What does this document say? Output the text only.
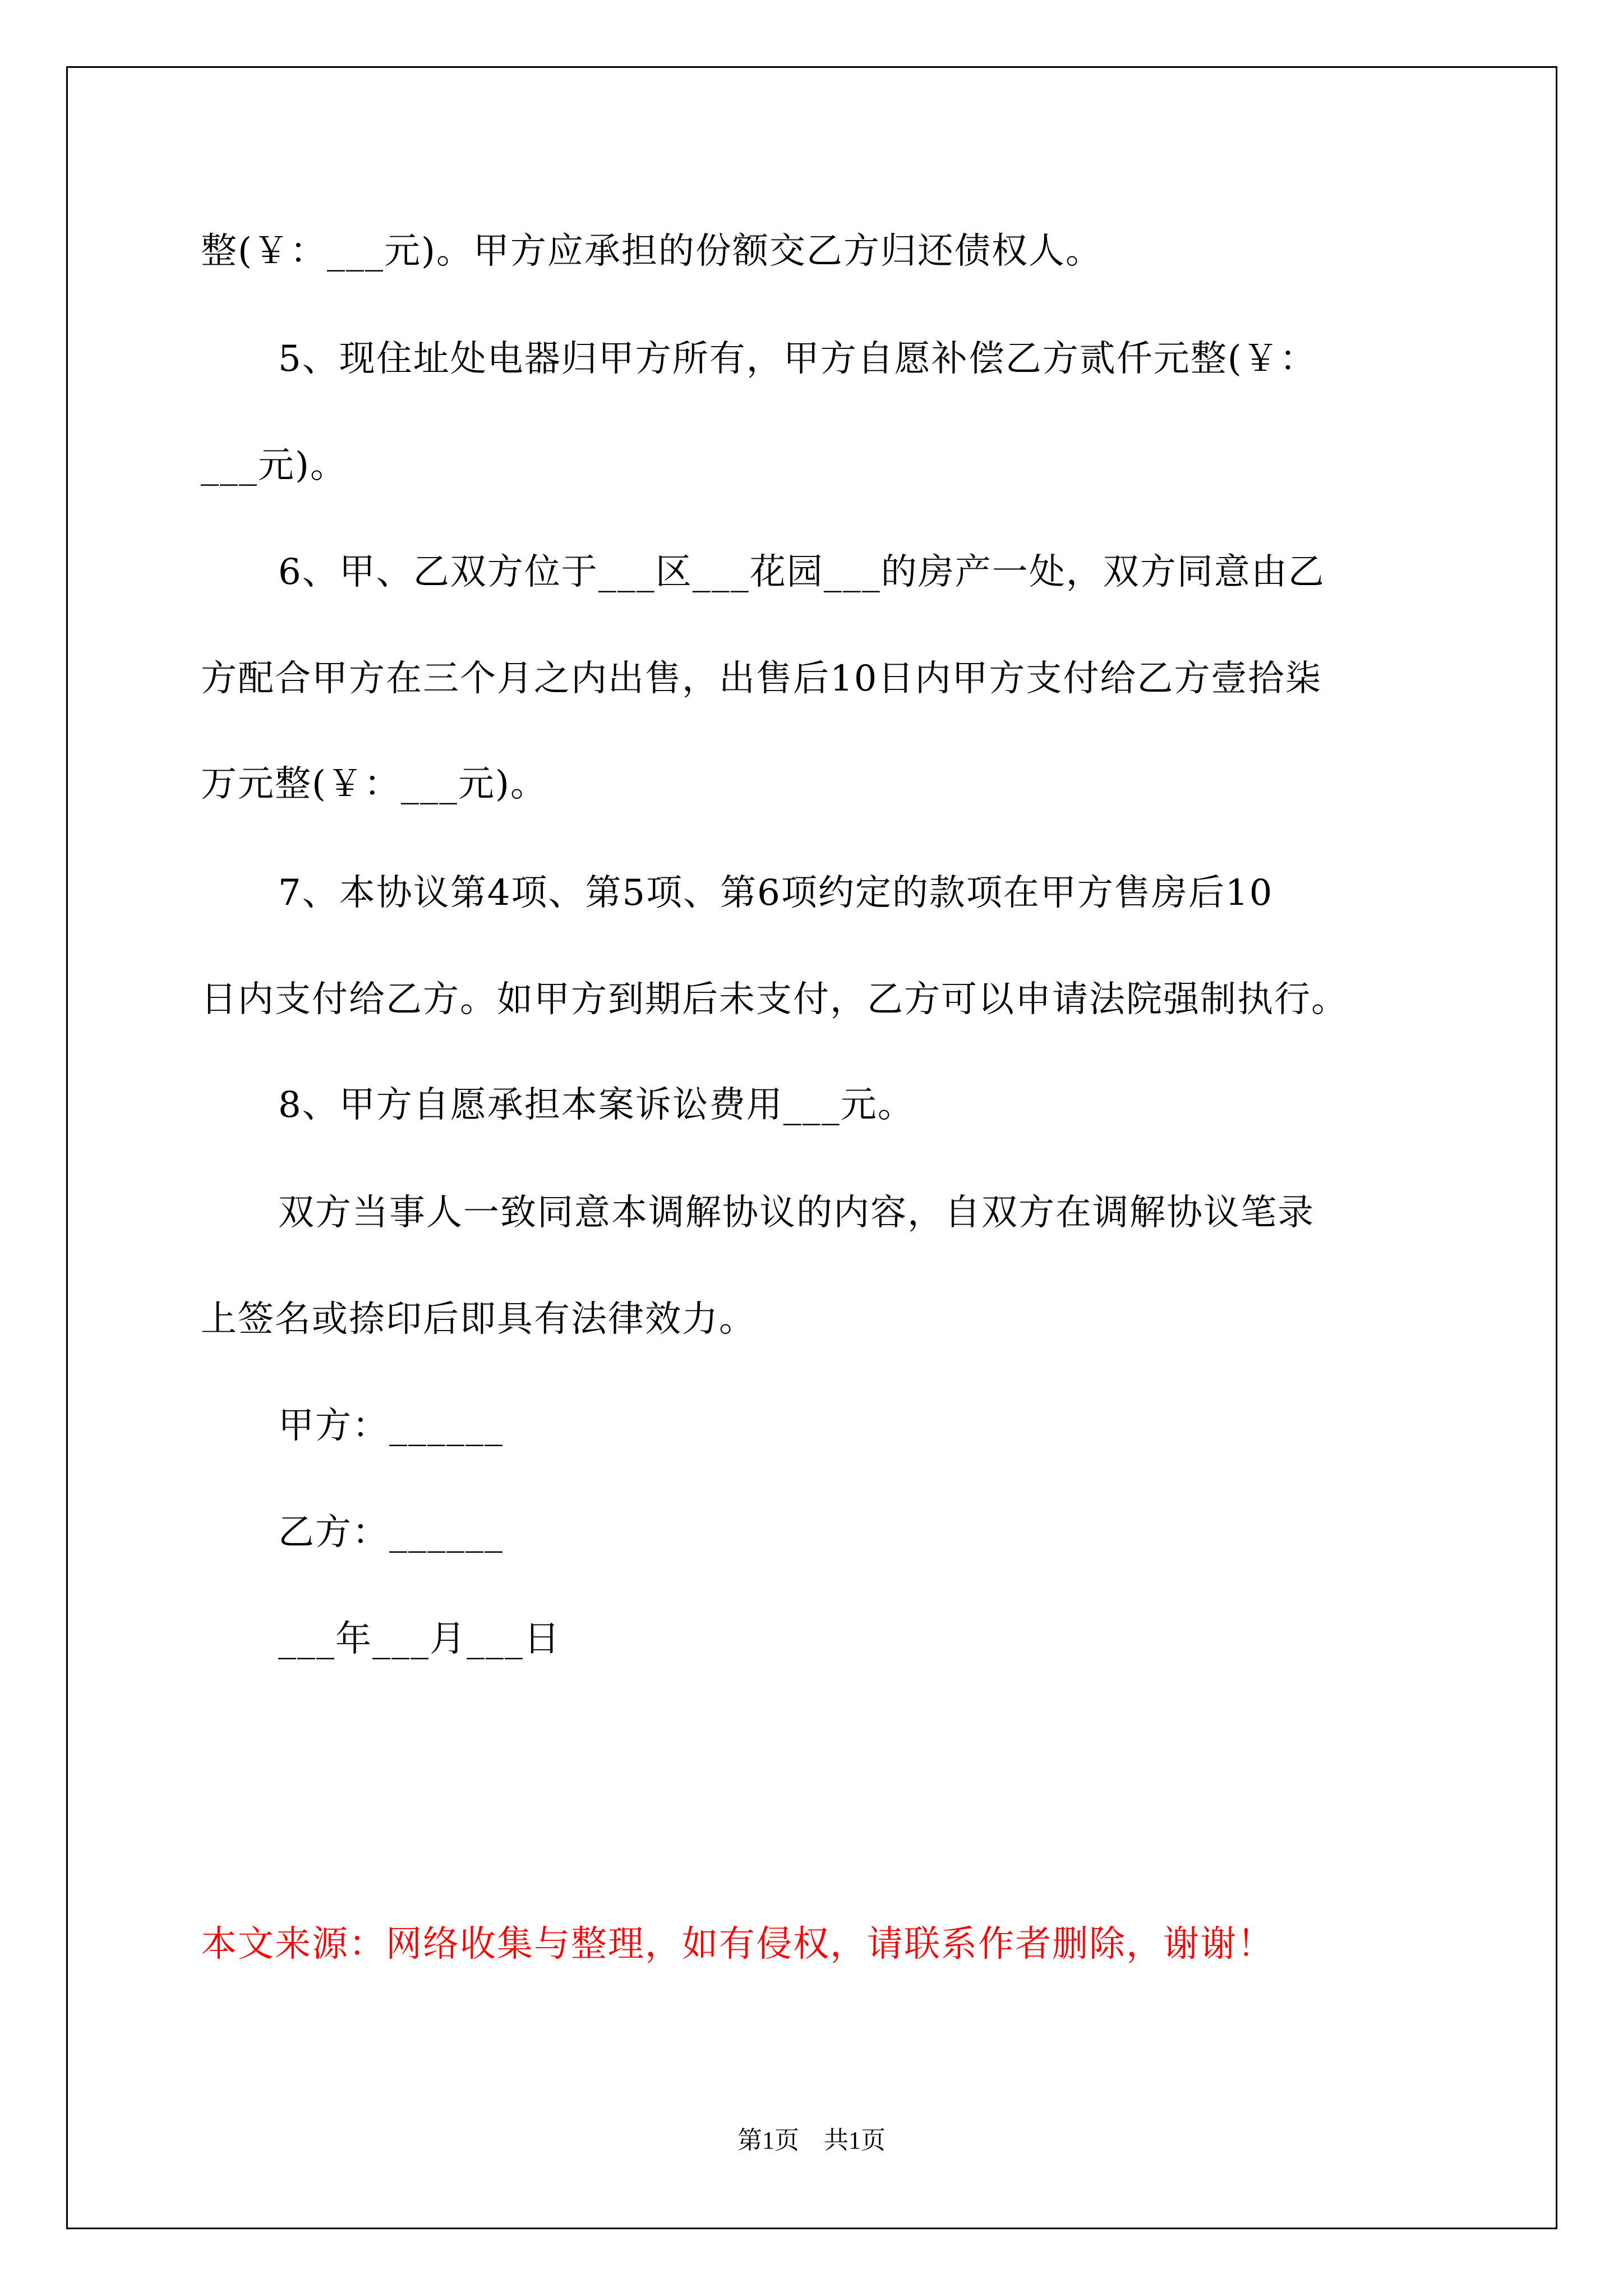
整(￥：___元)。甲方应承担的份额交乙方归还债权人。
5、现住址处电器归甲方所有，甲方自愿补偿乙方贰仟元整(￥：
___元)。
6、甲、乙双方位于___区___花园___的房产一处，双方同意由乙
方配合甲方在三个月之内出售，出售后10日内甲方支付给乙方壹拾柒
万元整(￥：___元)。
7、本协议第4项、第5项、第6项约定的款项在甲方售房后10
日内支付给乙方。如甲方到期后未支付，乙方可以申请法院强制执行。
8、甲方自愿承担本案诉讼费用___元。
双方当事人一致同意本调解协议的内容，自双方在调解协议笔录
上签名或捺印后即具有法律效力。
甲方：______
乙方：______
___年___月___日
本文来源：网络收集与整理，如有侵权，请联系作者删除，谢谢！
第1页　共1页
